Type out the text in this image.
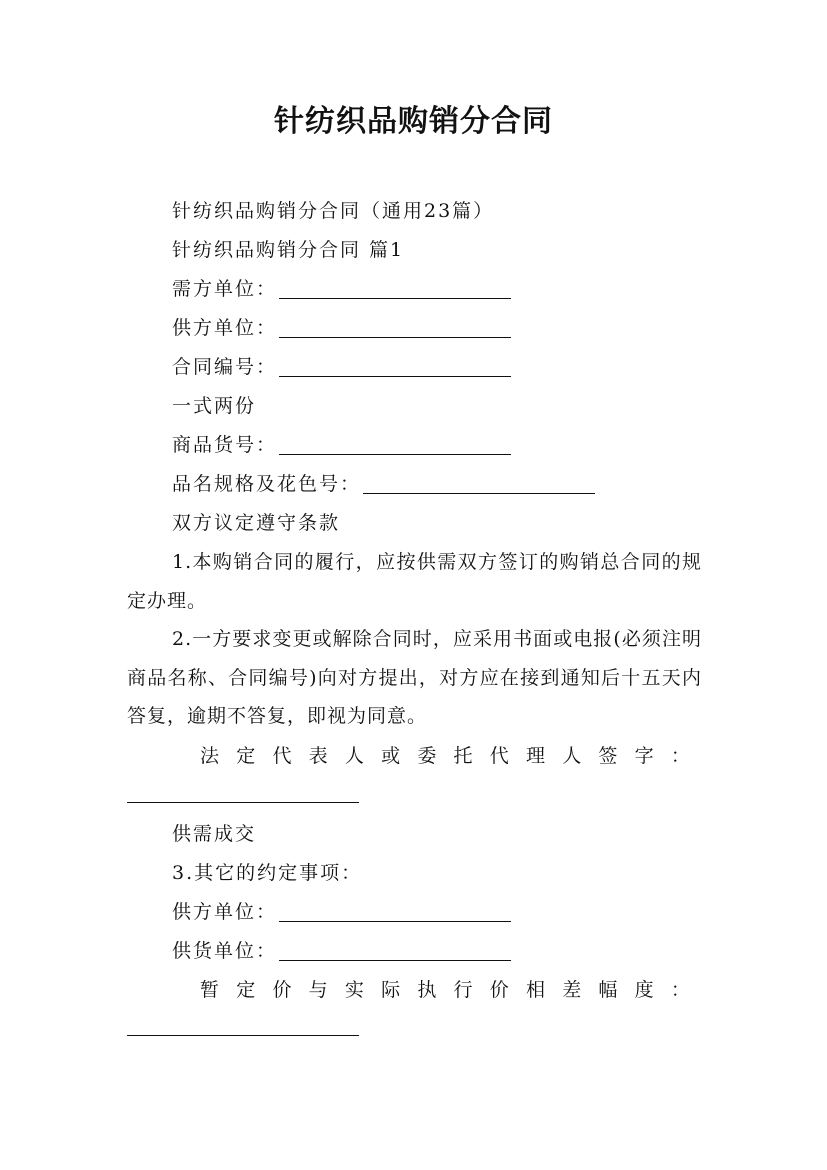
针纺织品购销分合同
针纺织品购销分合同（通用23篇）
针纺织品购销分合同 篇1
需方单位：
供方单位：
合同编号：
一式两份
商品货号：
品名规格及花色号：
双方议定遵守条款
1.本购销合同的履行，应按供需双方签订的购销总合同的规定办理。
2.一方要求变更或解除合同时，应采用书面或电报(必须注明商品名称、合同编号)向对方提出，对方应在接到通知后十五天内答复，逾期不答复，即视为同意。
法 定 代 表 人 或 委 托 代 理 人 签 字 ：
供需成交
3.其它的约定事项：
供方单位：
供货单位：
暂 定 价 与 实 际 执 行 价 相 差 幅 度 ：
